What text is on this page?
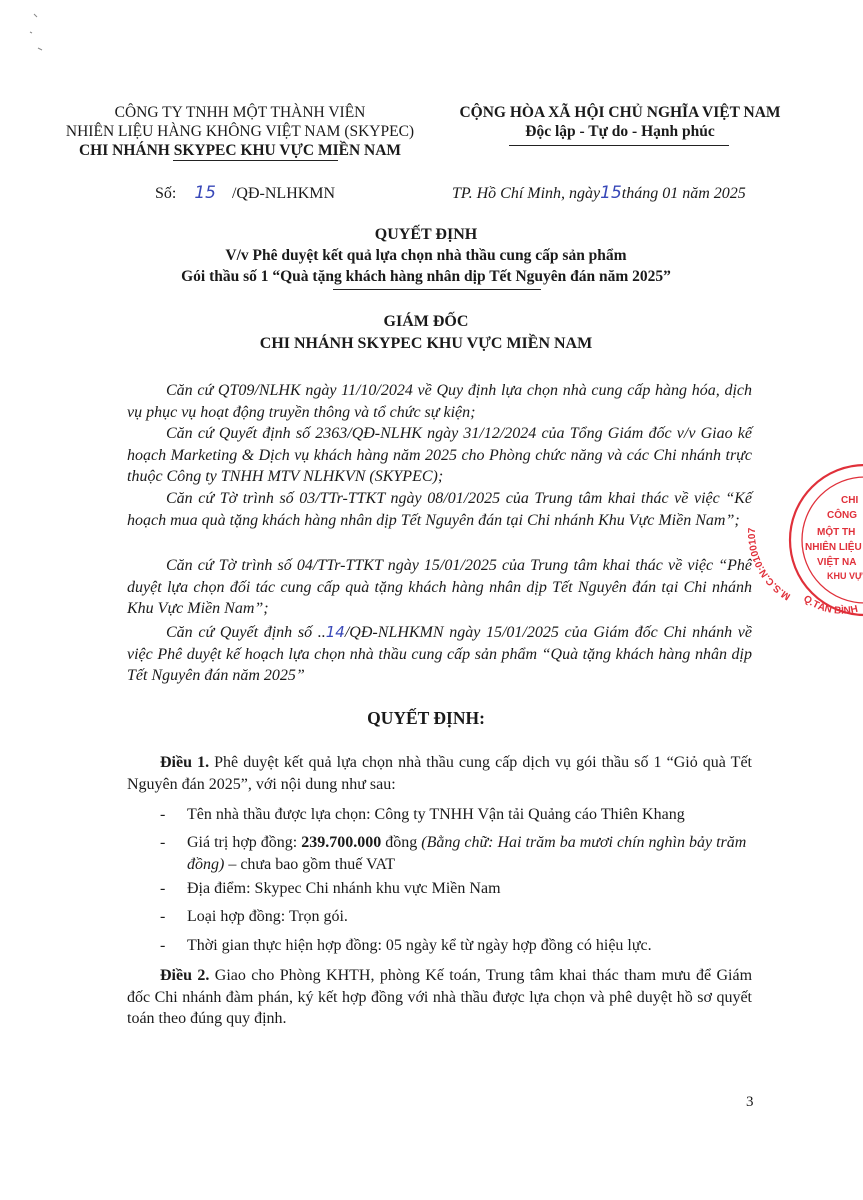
CÔNG TY TNHH MỘT THÀNH VIÊN
NHIÊN LIỆU HÀNG KHÔNG VIỆT NAM (SKYPEC)
CHI NHÁNH SKYPEC KHU VỰC MIỀN NAM
CỘNG HÒA XÃ HỘI CHỦ NGHĨA VIỆT NAM
Độc lập - Tự do - Hạnh phúc
Số: 15 /QĐ-NLHKMN	TP. Hồ Chí Minh, ngày15tháng 01 năm 2025
QUYẾT ĐỊNH
V/v Phê duyệt kết quả lựa chọn nhà thầu cung cấp sản phẩm
Gói thầu số 1 “Quà tặng khách hàng nhân dịp Tết Nguyên đán năm 2025”
GIÁM ĐỐC
CHI NHÁNH SKYPEC KHU VỰC MIỀN NAM
Căn cứ QT09/NLHK ngày 11/10/2024 về Quy định lựa chọn nhà cung cấp hàng hóa, dịch vụ phục vụ hoạt động truyền thông và tổ chức sự kiện;
Căn cứ Quyết định số 2363/QĐ-NLHK ngày 31/12/2024 của Tổng Giám đốc v/v Giao kế hoạch Marketing & Dịch vụ khách hàng năm 2025 cho Phòng chức năng và các Chi nhánh trực thuộc Công ty TNHH MTV NLHKVN (SKYPEC);
Căn cứ Tờ trình số 03/TTr-TTKT ngày 08/01/2025 của Trung tâm khai thác về việc “Kế hoạch mua quà tặng khách hàng nhân dịp Tết Nguyên đán tại Chi nhánh Khu Vực Miền Nam”;
Căn cứ Tờ trình số 04/TTr-TTKT ngày 15/01/2025 của Trung tâm khai thác về việc “Phê duyệt lựa chọn đối tác cung cấp quà tặng khách hàng nhân dịp Tết Nguyên đán tại Chi nhánh Khu Vực Miền Nam”;
Căn cứ Quyết định số ..14/QĐ-NLHKMN ngày 15/01/2025 của Giám đốc Chi nhánh về việc Phê duyệt kế hoạch lựa chọn nhà thầu cung cấp sản phẩm “Quà tặng khách hàng nhân dịp Tết Nguyên đán năm 2025”
QUYẾT ĐỊNH:
Điều 1. Phê duyệt kết quả lựa chọn nhà thầu cung cấp dịch vụ gói thầu số 1 “Giỏ quà Tết Nguyên đán 2025”, với nội dung như sau:
-	Tên nhà thầu được lựa chọn: Công ty TNHH Vận tải Quảng cáo Thiên Khang
-	Giá trị hợp đồng: 239.700.000 đồng (Bằng chữ: Hai trăm ba mươi chín nghìn bảy trăm đồng) – chưa bao gồm thuế VAT
-	Địa điểm: Skypec Chi nhánh khu vực Miền Nam
-	Loại hợp đồng: Trọn gói.
-	Thời gian thực hiện hợp đồng: 05 ngày kể từ ngày hợp đồng có hiệu lực.
Điều 2. Giao cho Phòng KHTH, phòng Kế toán, Trung tâm khai thác tham mưu để Giám đốc Chi nhánh đàm phán, ký kết hợp đồng với nhà thầu được lựa chọn và phê duyệt hồ sơ quyết toán theo đúng quy định.
3
M.S.C.N:0100107
Q.TÂN BÌNH
CHI
CÔNG
MỘT TH
NHIÊN LIỆU
VIỆT NA
KHU VỰ
